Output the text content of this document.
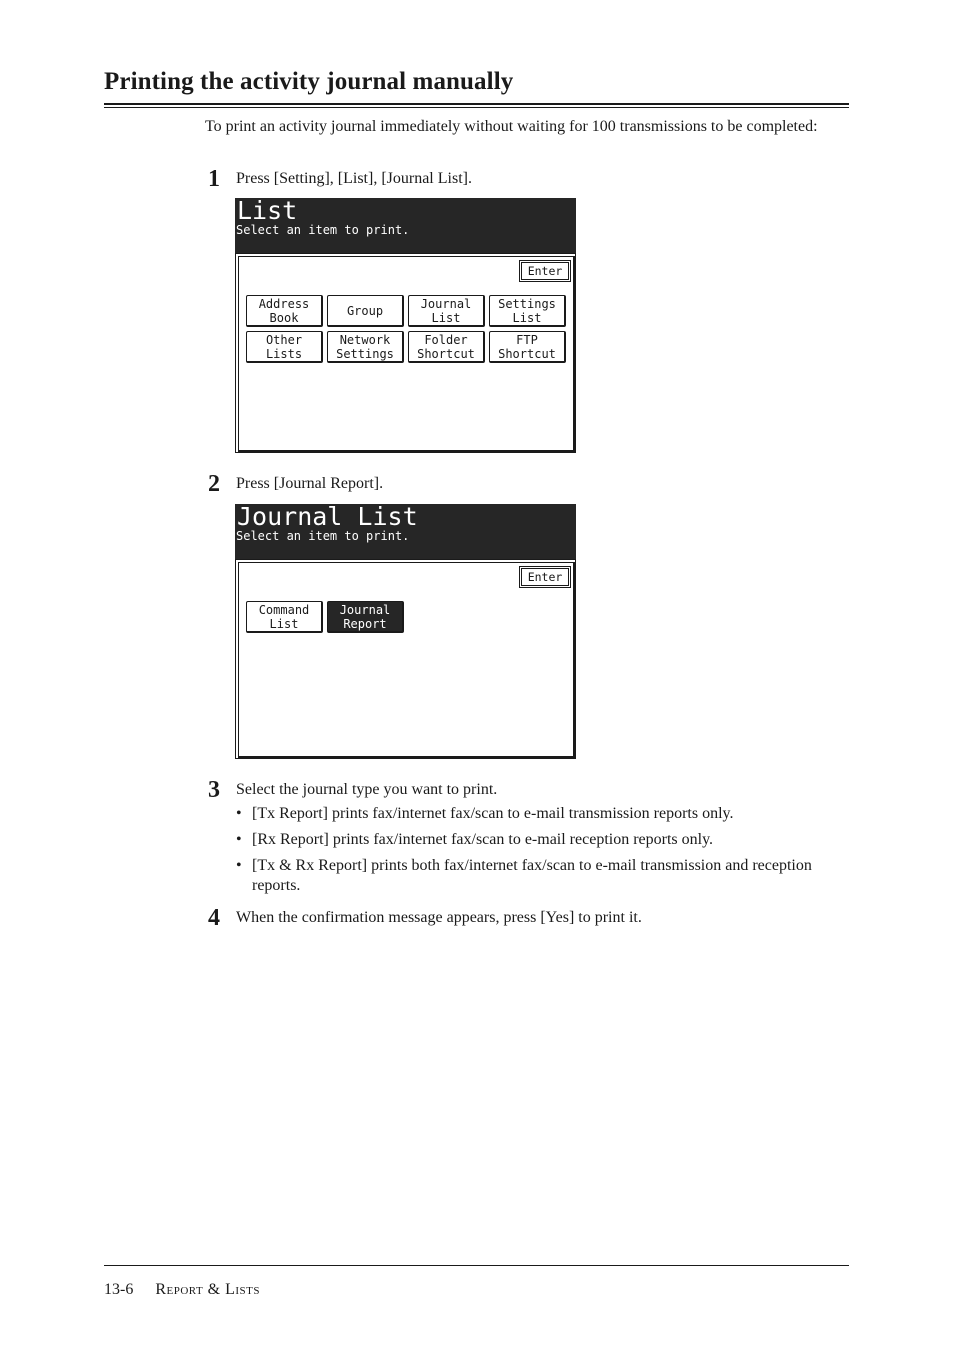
Printing the activity journal manually
To print an activity journal immediately without waiting for 100 transmissions to be completed:
1 Press [Setting], [List], [Journal List].
List
Select an item to print.
Enter
Address
Book	Group	Journal
List
Settings
List
Other
Lists
Network
Settings
Folder
Shortcut
FTP
Shortcut
2 Press [Journal Report].
Journal List
Select an item to print.
Enter
Command
List
Journal
Report
3 Select the journal type you want to print.
• [Tx Report] prints fax/internet fax/scan to e-mail transmission reports only.
• [Rx Report] prints fax/internet fax/scan to e-mail reception reports only.
• [Tx & Rx Report] prints both fax/internet fax/scan to e-mail transmission and reception reports.
4 When the confirmation message appears, press [Yes] to print it.
13-6 Report & Lists
